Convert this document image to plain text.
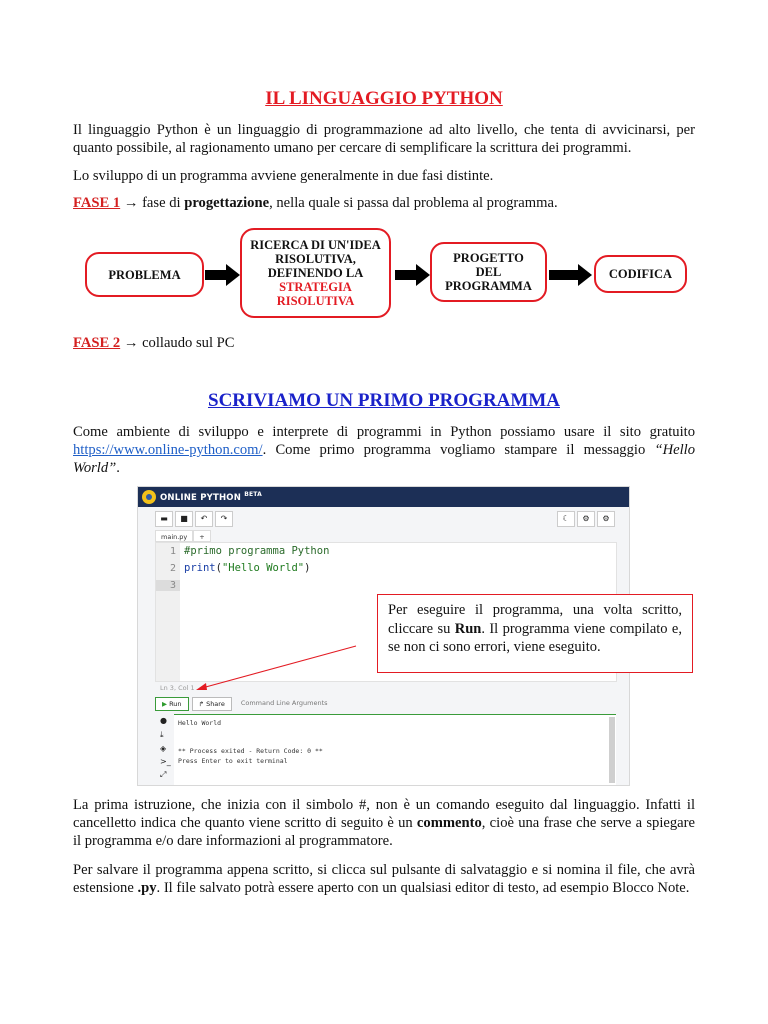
IL LINGUAGGIO PYTHON
Il linguaggio Python è un linguaggio di programmazione ad alto livello, che tenta di avvicinarsi, per quanto possibile, al ragionamento umano per cercare di semplificare la scrittura dei programmi.
Lo sviluppo di un programma avviene generalmente in due fasi distinte.
FASE 1 → fase di progettazione, nella quale si passa dal problema al programma.
PROBLEMA
RICERCA DI UN'IDEA
RISOLUTIVA,
DEFINENDO LA
STRATEGIA
RISOLUTIVA
PROGETTO
DEL
PROGRAMMA
CODIFICA
FASE 2 → collaudo sul PC
SCRIVIAMO UN PRIMO PROGRAMMA
Come ambiente di sviluppo e interprete di programmi in Python possiamo usare il sito gratuito https://www.online-python.com/. Come primo programma vogliamo stampare il messaggio “Hello World”.
ONLINE PYTHON $^{BETA}$
▬	■	↶	↷	☾	⚙	⚙
main.py	+
1
2
3
#primo programma Python
print("Hello World")
Ln 3, Col 1
▶ Run	↱ Share	Command Line Arguments
●
⤓
◈
>_
⤢
Hello World
** Process exited - Return Code: 0 **
Press Enter to exit terminal
Per eseguire il programma, una volta scritto, cliccare su Run. Il programma viene compilato e, se non ci sono errori, viene eseguito.
La prima istruzione, che inizia con il simbolo #, non è un comando eseguito dal linguaggio. Infatti il cancelletto indica che quanto viene scritto di seguito è un commento, cioè una frase che serve a spiegare il programma e/o dare informazioni al programmatore.
Per salvare il programma appena scritto, si clicca sul pulsante di salvataggio e si nomina il file, che avrà estensione .py. Il file salvato potrà essere aperto con un qualsiasi editor di testo, ad esempio Blocco Note.
